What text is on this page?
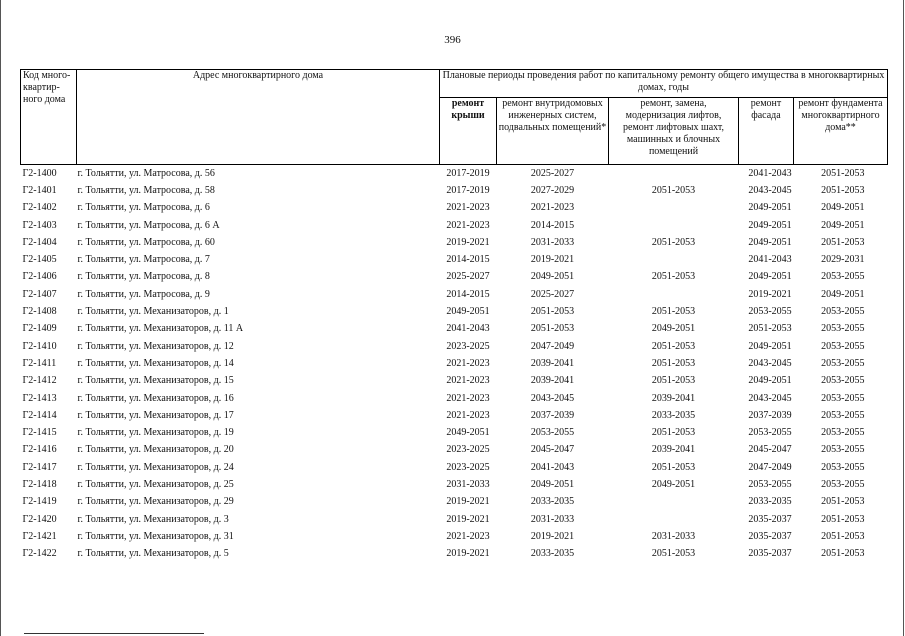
396
Код много-квартир-ного дома	Адрес многоквартирного дома	Плановые периоды проведения работ по капитальному ремонту общего имущества в многоквартирных домах, годы				
		ремонт крыши	ремонт внутридомовых инженерных систем, подвальных помещений*	ремонт, замена, модернизация лифтов, ремонт лифтовых шахт, машинных и блочных помещений	ремонт фасада	ремонт фундамента многоквартирного дома**
Г2-1400	г. Тольятти, ул. Матросова, д. 56	2017-2019	2025-2027		2041-2043	2051-2053
Г2-1401	г. Тольятти, ул. Матросова, д. 58	2017-2019	2027-2029	2051-2053	2043-2045	2051-2053
Г2-1402	г. Тольятти, ул. Матросова, д. 6	2021-2023	2021-2023		2049-2051	2049-2051
Г2-1403	г. Тольятти, ул. Матросова, д. 6 А	2021-2023	2014-2015		2049-2051	2049-2051
Г2-1404	г. Тольятти, ул. Матросова, д. 60	2019-2021	2031-2033	2051-2053	2049-2051	2051-2053
Г2-1405	г. Тольятти, ул. Матросова, д. 7	2014-2015	2019-2021		2041-2043	2029-2031
Г2-1406	г. Тольятти, ул. Матросова, д. 8	2025-2027	2049-2051	2051-2053	2049-2051	2053-2055
Г2-1407	г. Тольятти, ул. Матросова, д. 9	2014-2015	2025-2027		2019-2021	2049-2051
Г2-1408	г. Тольятти, ул. Механизаторов, д. 1	2049-2051	2051-2053	2051-2053	2053-2055	2053-2055
Г2-1409	г. Тольятти, ул. Механизаторов, д. 11 А	2041-2043	2051-2053	2049-2051	2051-2053	2053-2055
Г2-1410	г. Тольятти, ул. Механизаторов, д. 12	2023-2025	2047-2049	2051-2053	2049-2051	2053-2055
Г2-1411	г. Тольятти, ул. Механизаторов, д. 14	2021-2023	2039-2041	2051-2053	2043-2045	2053-2055
Г2-1412	г. Тольятти, ул. Механизаторов, д. 15	2021-2023	2039-2041	2051-2053	2049-2051	2053-2055
Г2-1413	г. Тольятти, ул. Механизаторов, д. 16	2021-2023	2043-2045	2039-2041	2043-2045	2053-2055
Г2-1414	г. Тольятти, ул. Механизаторов, д. 17	2021-2023	2037-2039	2033-2035	2037-2039	2053-2055
Г2-1415	г. Тольятти, ул. Механизаторов, д. 19	2049-2051	2053-2055	2051-2053	2053-2055	2053-2055
Г2-1416	г. Тольятти, ул. Механизаторов, д. 20	2023-2025	2045-2047	2039-2041	2045-2047	2053-2055
Г2-1417	г. Тольятти, ул. Механизаторов, д. 24	2023-2025	2041-2043	2051-2053	2047-2049	2053-2055
Г2-1418	г. Тольятти, ул. Механизаторов, д. 25	2031-2033	2049-2051	2049-2051	2053-2055	2053-2055
Г2-1419	г. Тольятти, ул. Механизаторов, д. 29	2019-2021	2033-2035		2033-2035	2051-2053
Г2-1420	г. Тольятти, ул. Механизаторов, д. 3	2019-2021	2031-2033		2035-2037	2051-2053
Г2-1421	г. Тольятти, ул. Механизаторов, д. 31	2021-2023	2019-2021	2031-2033	2035-2037	2051-2053
Г2-1422	г. Тольятти, ул. Механизаторов, д. 5	2019-2021	2033-2035	2051-2053	2035-2037	2051-2053
